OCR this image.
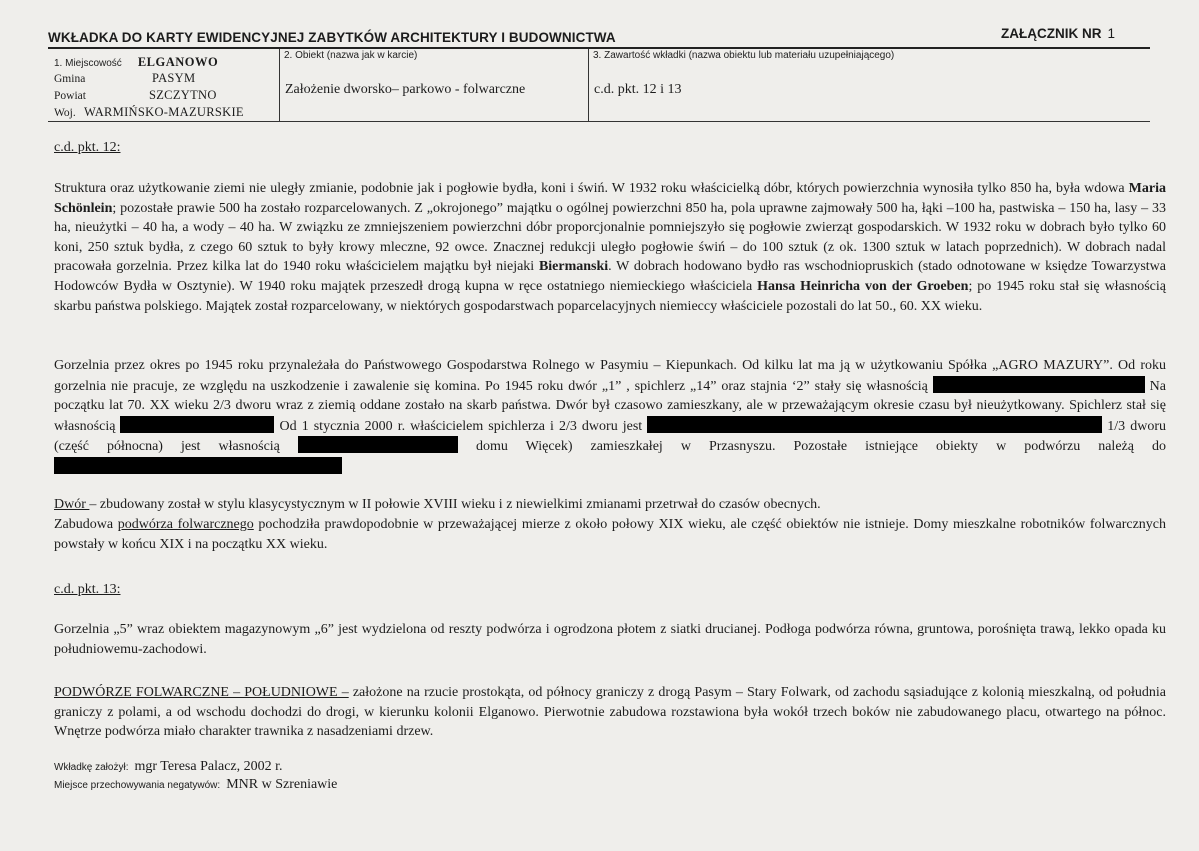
WKŁADKA DO KARTY EWIDENCYJNEJ ZABYTKÓW ARCHITEKTURY I BUDOWNICTWA	ZAŁĄCZNIK NR 1
1. Miejscowość ELGANOWO
Gmina	PASYM
Powiat	SZCZYTNO
Woj. WARMIŃSKO-MAZURSKIE
2. Obiekt (nazwa jak w karcie)
Założenie dworsko– parkowo - folwarczne
3. Zawartość wkładki (nazwa obiektu lub materiału uzupełniającego)
c.d. pkt. 12 i 13
c.d. pkt. 12:
Struktura oraz użytkowanie ziemi nie uległy zmianie, podobnie jak i pogłowie bydła, koni i świń. W 1932 roku właścicielką dóbr, których powierzchnia wynosiła tylko 850 ha, była wdowa Maria Schönlein; pozostałe prawie 500 ha zostało rozparcelowanych. Z „okrojonego” majątku o ogólnej powierzchni 850 ha, pola uprawne zajmowały 500 ha, łąki –100 ha, pastwiska – 150 ha, lasy – 33 ha, nieużytki – 40 ha, a wody – 40 ha. W związku ze zmniejszeniem powierzchni dóbr proporcjonalnie pomniejszyło się pogłowie zwierząt gospodarskich. W 1932 roku w dobrach było tylko 60 koni, 250 sztuk bydła, z czego 60 sztuk to były krowy mleczne, 92 owce. Znacznej redukcji uległo pogłowie świń – do 100 sztuk (z ok. 1300 sztuk w latach poprzednich). W dobrach nadal pracowała gorzelnia. Przez kilka lat do 1940 roku właścicielem majątku był niejaki Biermanski. W dobrach hodowano bydło ras wschodniopruskich (stado odnotowane w księdze Towarzystwa Hodowców Bydła w Osztynie). W 1940 roku majątek przeszedł drogą kupna w ręce ostatniego niemieckiego właściciela Hansa Heinricha von der Groeben; po 1945 roku stał się własnością skarbu państwa polskiego. Majątek został rozparcelowany, w niektórych gospodarstwach poparcelacyjnych niemieccy właściciele pozostali do lat 50., 60. XX wieku.
Gorzelnia przez okres po 1945 roku przynależała do Państwowego Gospodarstwa Rolnego w Pasymiu – Kiepunkach. Od kilku lat ma ją w użytkowaniu Spółka „AGRO MAZURY”. Od roku gorzelnia nie pracuje, ze względu na uszkodzenie i zawalenie się komina. Po 1945 roku dwór „1” , spichlerz „14” oraz stajnia ‘2” stały się własnością	Na początku lat 70. XX wieku 2/3 dworu wraz z ziemią oddane zostało na skarb państwa. Dwór był czasowo zamieszkany, ale w przeważającym okresie czasu był nieużytkowany. Spichlerz stał się własnością	Od 1 stycznia 2000 r. właścicielem spichlerza i 2/3 dworu jest	1/3 dworu (część północna) jest własnością	domu Więcek) zamieszkałej w Przasnyszu. Pozostałe istniejące obiekty w podwórzu należą do
Dwór – zbudowany został w stylu klasycystycznym w II połowie XVIII wieku i z niewielkimi zmianami przetrwał do czasów obecnych.
Zabudowa podwórza folwarcznego pochodziła prawdopodobnie w przeważającej mierze z około połowy XIX wieku, ale część obiektów nie istnieje. Domy mieszkalne robotników folwarcznych powstały w końcu XIX i na początku XX wieku.
c.d. pkt. 13:
Gorzelnia „5” wraz obiektem magazynowym „6” jest wydzielona od reszty podwórza i ogrodzona płotem z siatki drucianej. Podłoga podwórza równa, gruntowa, porośnięta trawą, lekko opada ku południowemu-zachodowi.
PODWÓRZE FOLWARCZNE – POŁUDNIOWE – założone na rzucie prostokąta, od północy graniczy z drogą Pasym – Stary Folwark, od zachodu sąsiadujące z kolonią mieszkalną, od południa graniczy z polami, a od wschodu dochodzi do drogi, w kierunku kolonii Elganowo. Pierwotnie zabudowa rozstawiona była wokół trzech boków nie zabudowanego placu, otwartego na północ. Wnętrze podwórza miało charakter trawnika z nasadzeniami drzew.
Wkładkę założył: mgr Teresa Palacz, 2002 r.
Miejsce przechowywania negatywów: MNR w Szreniawie
